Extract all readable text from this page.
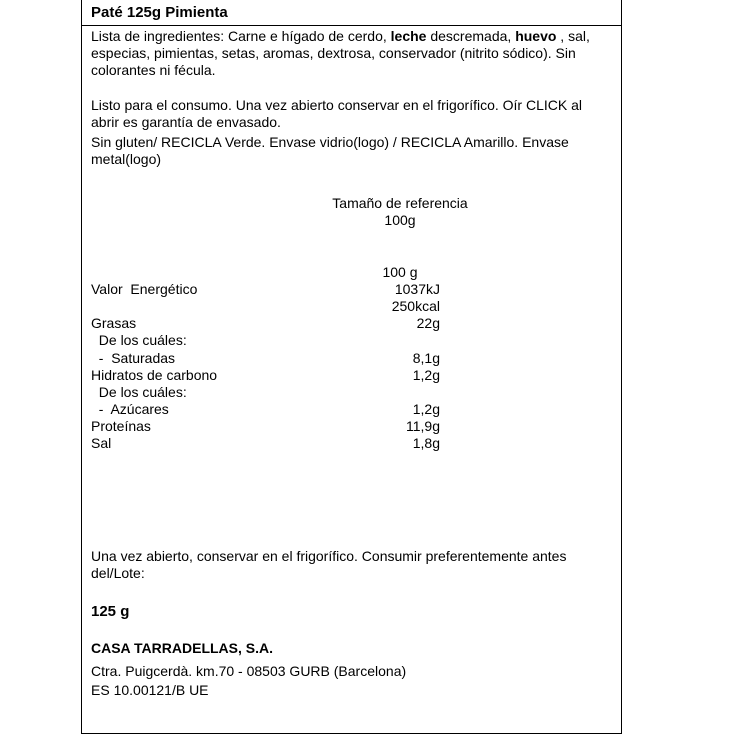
Paté 125g Pimienta
Lista de ingredientes: Carne e hígado de cerdo, leche descremada, huevo , sal,
especias, pimientas, setas, aromas, dextrosa, conservador (nitrito sódico). Sin
colorantes ni fécula.
Listo para el consumo. Una vez abierto conservar en el frigorífico. Oír CLICK al
abrir es garantía de envasado.
Sin gluten/ RECICLA Verde. Envase vidrio(logo) / RECICLA Amarillo. Envase
metal(logo)
Tamaño de referencia
100g
100 g
Valor  Energético	1037kJ
250kcal
Grasas	22g
De los cuáles:
-  Saturadas	8,1g
Hidratos de carbono	1,2g
De los cuáles:
-  Azúcares	1,2g
Proteínas	11,9g
Sal	1,8g
Una vez abierto, conservar en el frigorífico. Consumir preferentemente antes
del/Lote:
125 g
CASA TARRADELLAS, S.A.
Ctra. Puigcerdà. km.70 - 08503 GURB (Barcelona)
ES 10.00121/B UE
